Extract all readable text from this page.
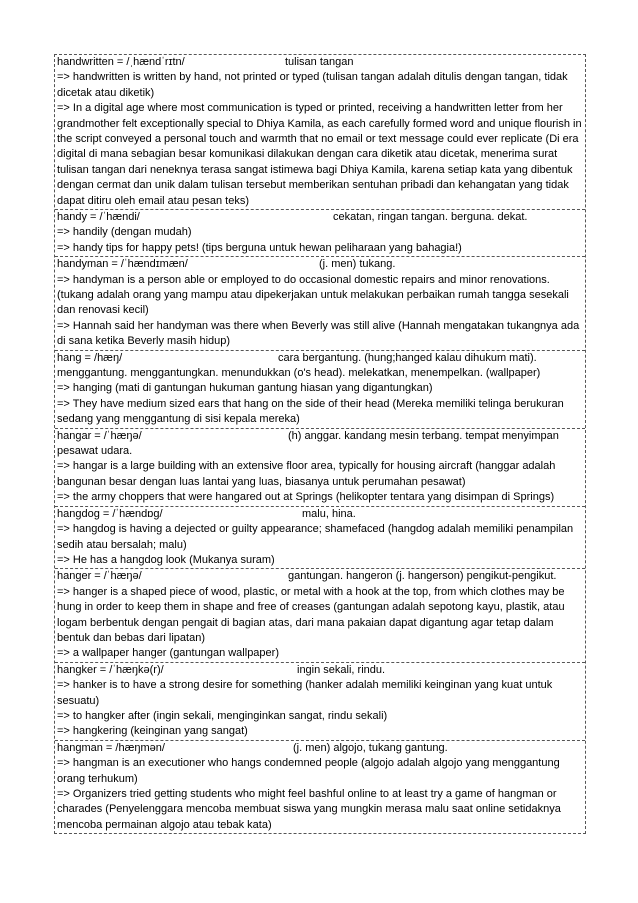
handwritten = /ˌhændˈrɪtn/	tulisan tangan
=> handwritten is written by hand, not printed or typed (tulisan tangan adalah ditulis dengan tangan, tidak dicetak atau diketik)
=> In a digital age where most communication is typed or printed, receiving a handwritten letter from her grandmother felt exceptionally special to Dhiya Kamila, as each carefully formed word and unique flourish in the script conveyed a personal touch and warmth that no email or text message could ever replicate (Di era digital di mana sebagian besar komunikasi dilakukan dengan cara diketik atau dicetak, menerima surat tulisan tangan dari neneknya terasa sangat istimewa bagi Dhiya Kamila, karena setiap kata yang dibentuk dengan cermat dan unik dalam tulisan tersebut memberikan sentuhan pribadi dan kehangatan yang tidak dapat ditiru oleh email atau pesan teks)
handy = /ˈhændi/	cekatan, ringan tangan. berguna. dekat.
=> handily (dengan mudah)
=> handy tips for happy pets! (tips berguna untuk hewan peliharaan yang bahagia!)
handyman = /ˈhændɪmæn/	(j. men) tukang.
=> handyman is a person able or employed to do occasional domestic repairs and minor renovations. (tukang adalah orang yang mampu atau dipekerjakan untuk melakukan perbaikan rumah tangga sesekali dan renovasi kecil)
=> Hannah said her handyman was there when Beverly was still alive (Hannah mengatakan tukangnya ada di sana ketika Beverly masih hidup)
hang = /hæŋ/	cara bergantung. (hung;hanged kalau dihukum mati).
menggantung. menggantungkan. menundukkan (o's head). melekatkan, menempelkan. (wallpaper)
=> hanging (mati di gantungan hukuman gantung hiasan yang digantungkan)
=> They have medium sized ears that hang on the side of their head (Mereka memiliki telinga berukuran sedang yang menggantung di sisi kepala mereka)
hangar = /ˈhæŋə/	(h) anggar. kandang mesin terbang. tempat menyimpan
pesawat udara.
=> hangar is a large building with an extensive floor area, typically for housing aircraft (hanggar adalah bangunan besar dengan luas lantai yang luas, biasanya untuk perumahan pesawat)
=> the army choppers that were hangared out at Springs (helikopter tentara yang disimpan di Springs)
hangdog = /ˈhændɒg/	malu, hina.
=> hangdog is having a dejected or guilty appearance; shamefaced (hangdog adalah memiliki penampilan sedih atau bersalah; malu)
=> He has a hangdog look (Mukanya suram)
hanger = /ˈhæŋə/	gantungan. hangeron (j. hangerson) pengikut-pengikut.
=> hanger is a shaped piece of wood, plastic, or metal with a hook at the top, from which clothes may be hung in order to keep them in shape and free of creases (gantungan adalah sepotong kayu, plastik, atau logam berbentuk dengan pengait di bagian atas, dari mana pakaian dapat digantung agar tetap dalam bentuk dan bebas dari lipatan)
=> a wallpaper hanger (gantungan wallpaper)
hangker = /ˈhæŋkə(r)/	ingin sekali, rindu.
=> hanker is to have a strong desire for something (hanker adalah memiliki keinginan yang kuat untuk sesuatu)
=> to hangker after (ingin sekali, menginginkan sangat, rindu sekali)
=> hangkering (keinginan yang sangat)
hangman = /hæŋmən/	(j. men) algojo, tukang gantung.
=> hangman is an executioner who hangs condemned people (algojo adalah algojo yang menggantung orang terhukum)
=> Organizers tried getting students who might feel bashful online to at least try a game of hangman or charades (Penyelenggara mencoba membuat siswa yang mungkin merasa malu saat online setidaknya mencoba permainan algojo atau tebak kata)
